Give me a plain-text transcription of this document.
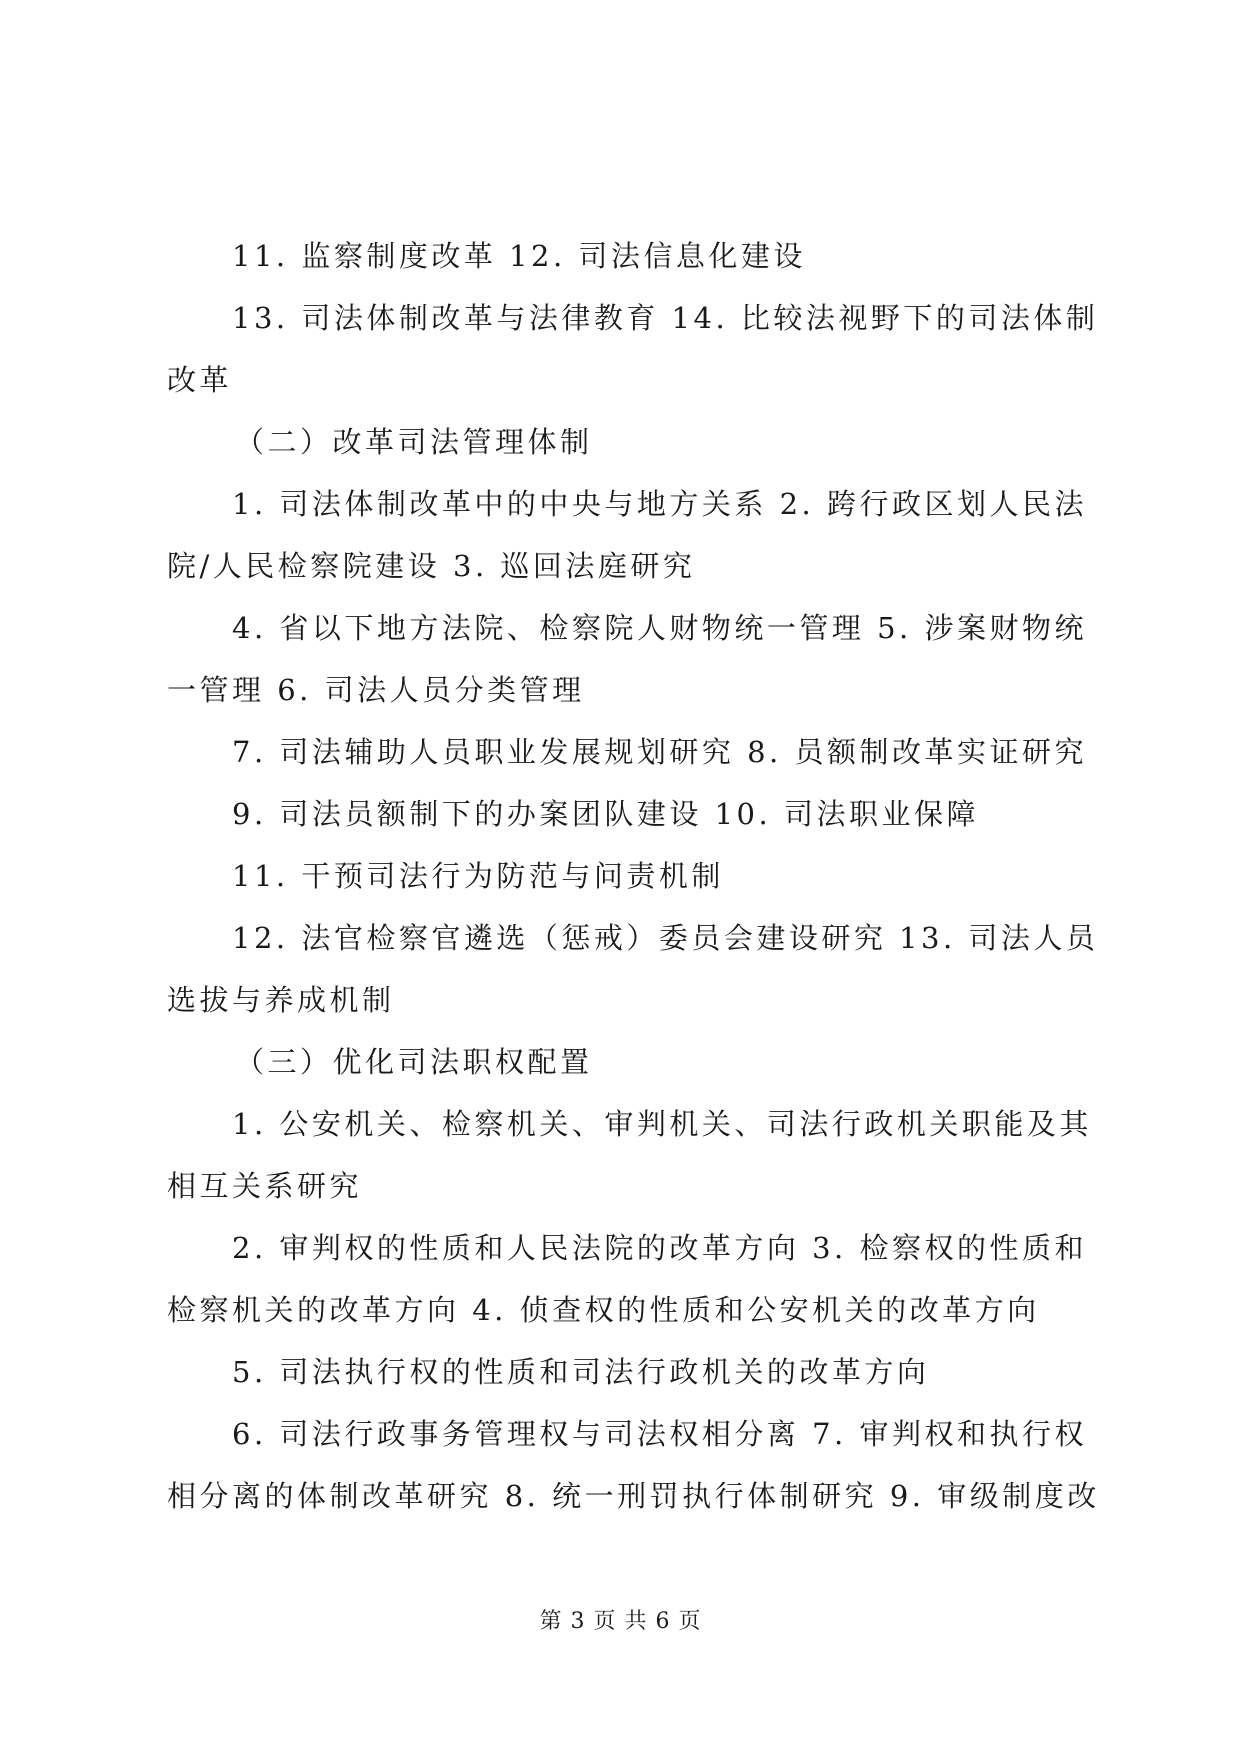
11. 监察制度改革 12. 司法信息化建设
13. 司法体制改革与法律教育 14. 比较法视野下的司法体制
改革
（二）改革司法管理体制
1. 司法体制改革中的中央与地方关系 2. 跨行政区划人民法
院/人民检察院建设 3. 巡回法庭研究
4. 省以下地方法院、检察院人财物统一管理 5. 涉案财物统
一管理 6. 司法人员分类管理
7. 司法辅助人员职业发展规划研究 8. 员额制改革实证研究
9. 司法员额制下的办案团队建设 10. 司法职业保障
11. 干预司法行为防范与问责机制
12. 法官检察官遴选（惩戒）委员会建设研究 13. 司法人员
选拔与养成机制
（三）优化司法职权配置
1. 公安机关、检察机关、审判机关、司法行政机关职能及其
相互关系研究
2. 审判权的性质和人民法院的改革方向 3. 检察权的性质和
检察机关的改革方向 4. 侦查权的性质和公安机关的改革方向
5. 司法执行权的性质和司法行政机关的改革方向
6. 司法行政事务管理权与司法权相分离 7. 审判权和执行权
相分离的体制改革研究 8. 统一刑罚执行体制研究 9. 审级制度改
第 3 页 共 6 页
